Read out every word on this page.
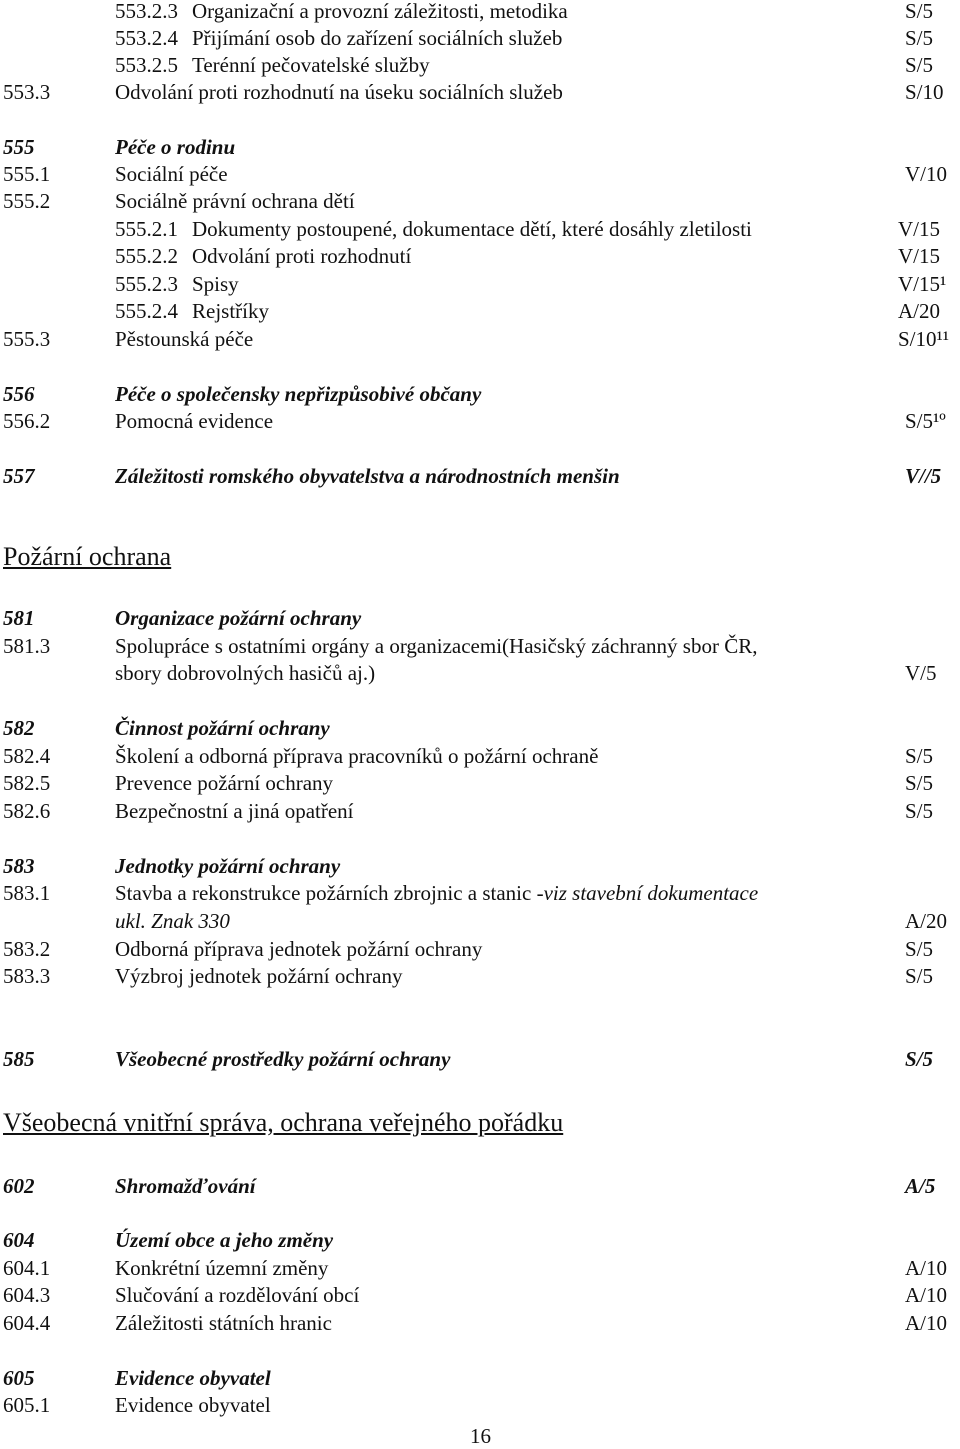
553.2.3 Organizační a provozní záležitosti, metodika	S/5
553.2.4 Přijímání osob do zařízení sociálních služeb	S/5
553.2.5 Terénní pečovatelské služby	S/5
553.3	Odvolání proti rozhodnutí na úseku sociálních služeb	S/10
555	Péče o rodinu
555.1	Sociální péče	V/10
555.2	Sociálně právní ochrana dětí
555.2.1 Dokumenty postoupené, dokumentace dětí, které dosáhly zletilosti	V/15
555.2.2 Odvolání proti rozhodnutí	V/15
555.2.3 Spisy	V/15¹
555.2.4 Rejstříky	A/20
555.3	Pěstounská péče	S/10¹¹
556	Péče o společensky nepřizpůsobivé občany
556.2	Pomocná evidence	S/5¹º
557	Záležitosti romského obyvatelstva a národnostních menšin	V//5
Požární ochrana
581	Organizace požární ochrany
581.3	Spolupráce s ostatními orgány a organizacemi(Hasičský záchranný sbor ČR,
sbory dobrovolných hasičů aj.)	V/5
582	Činnost požární ochrany
582.4	Školení a odborná příprava pracovníků o požární ochraně	S/5
582.5	Prevence požární ochrany	S/5
582.6	Bezpečnostní a jiná opatření	S/5
583	Jednotky požární ochrany
583.1	Stavba a rekonstrukce požárních zbrojnic a stanic -viz stavební dokumentace
ukl. Znak 330	A/20
583.2	Odborná příprava jednotek požární ochrany	S/5
583.3	Výzbroj jednotek požární ochrany	S/5
585	Všeobecné prostředky požární ochrany	S/5
Všeobecná vnitřní správa, ochrana veřejného pořádku
602	Shromažďování	A/5
604	Území obce a jeho změny
604.1	Konkrétní územní změny	A/10
604.3	Slučování a rozdělování obcí	A/10
604.4	Záležitosti státních hranic	A/10
605	Evidence obyvatel
605.1	Evidence obyvatel
16
